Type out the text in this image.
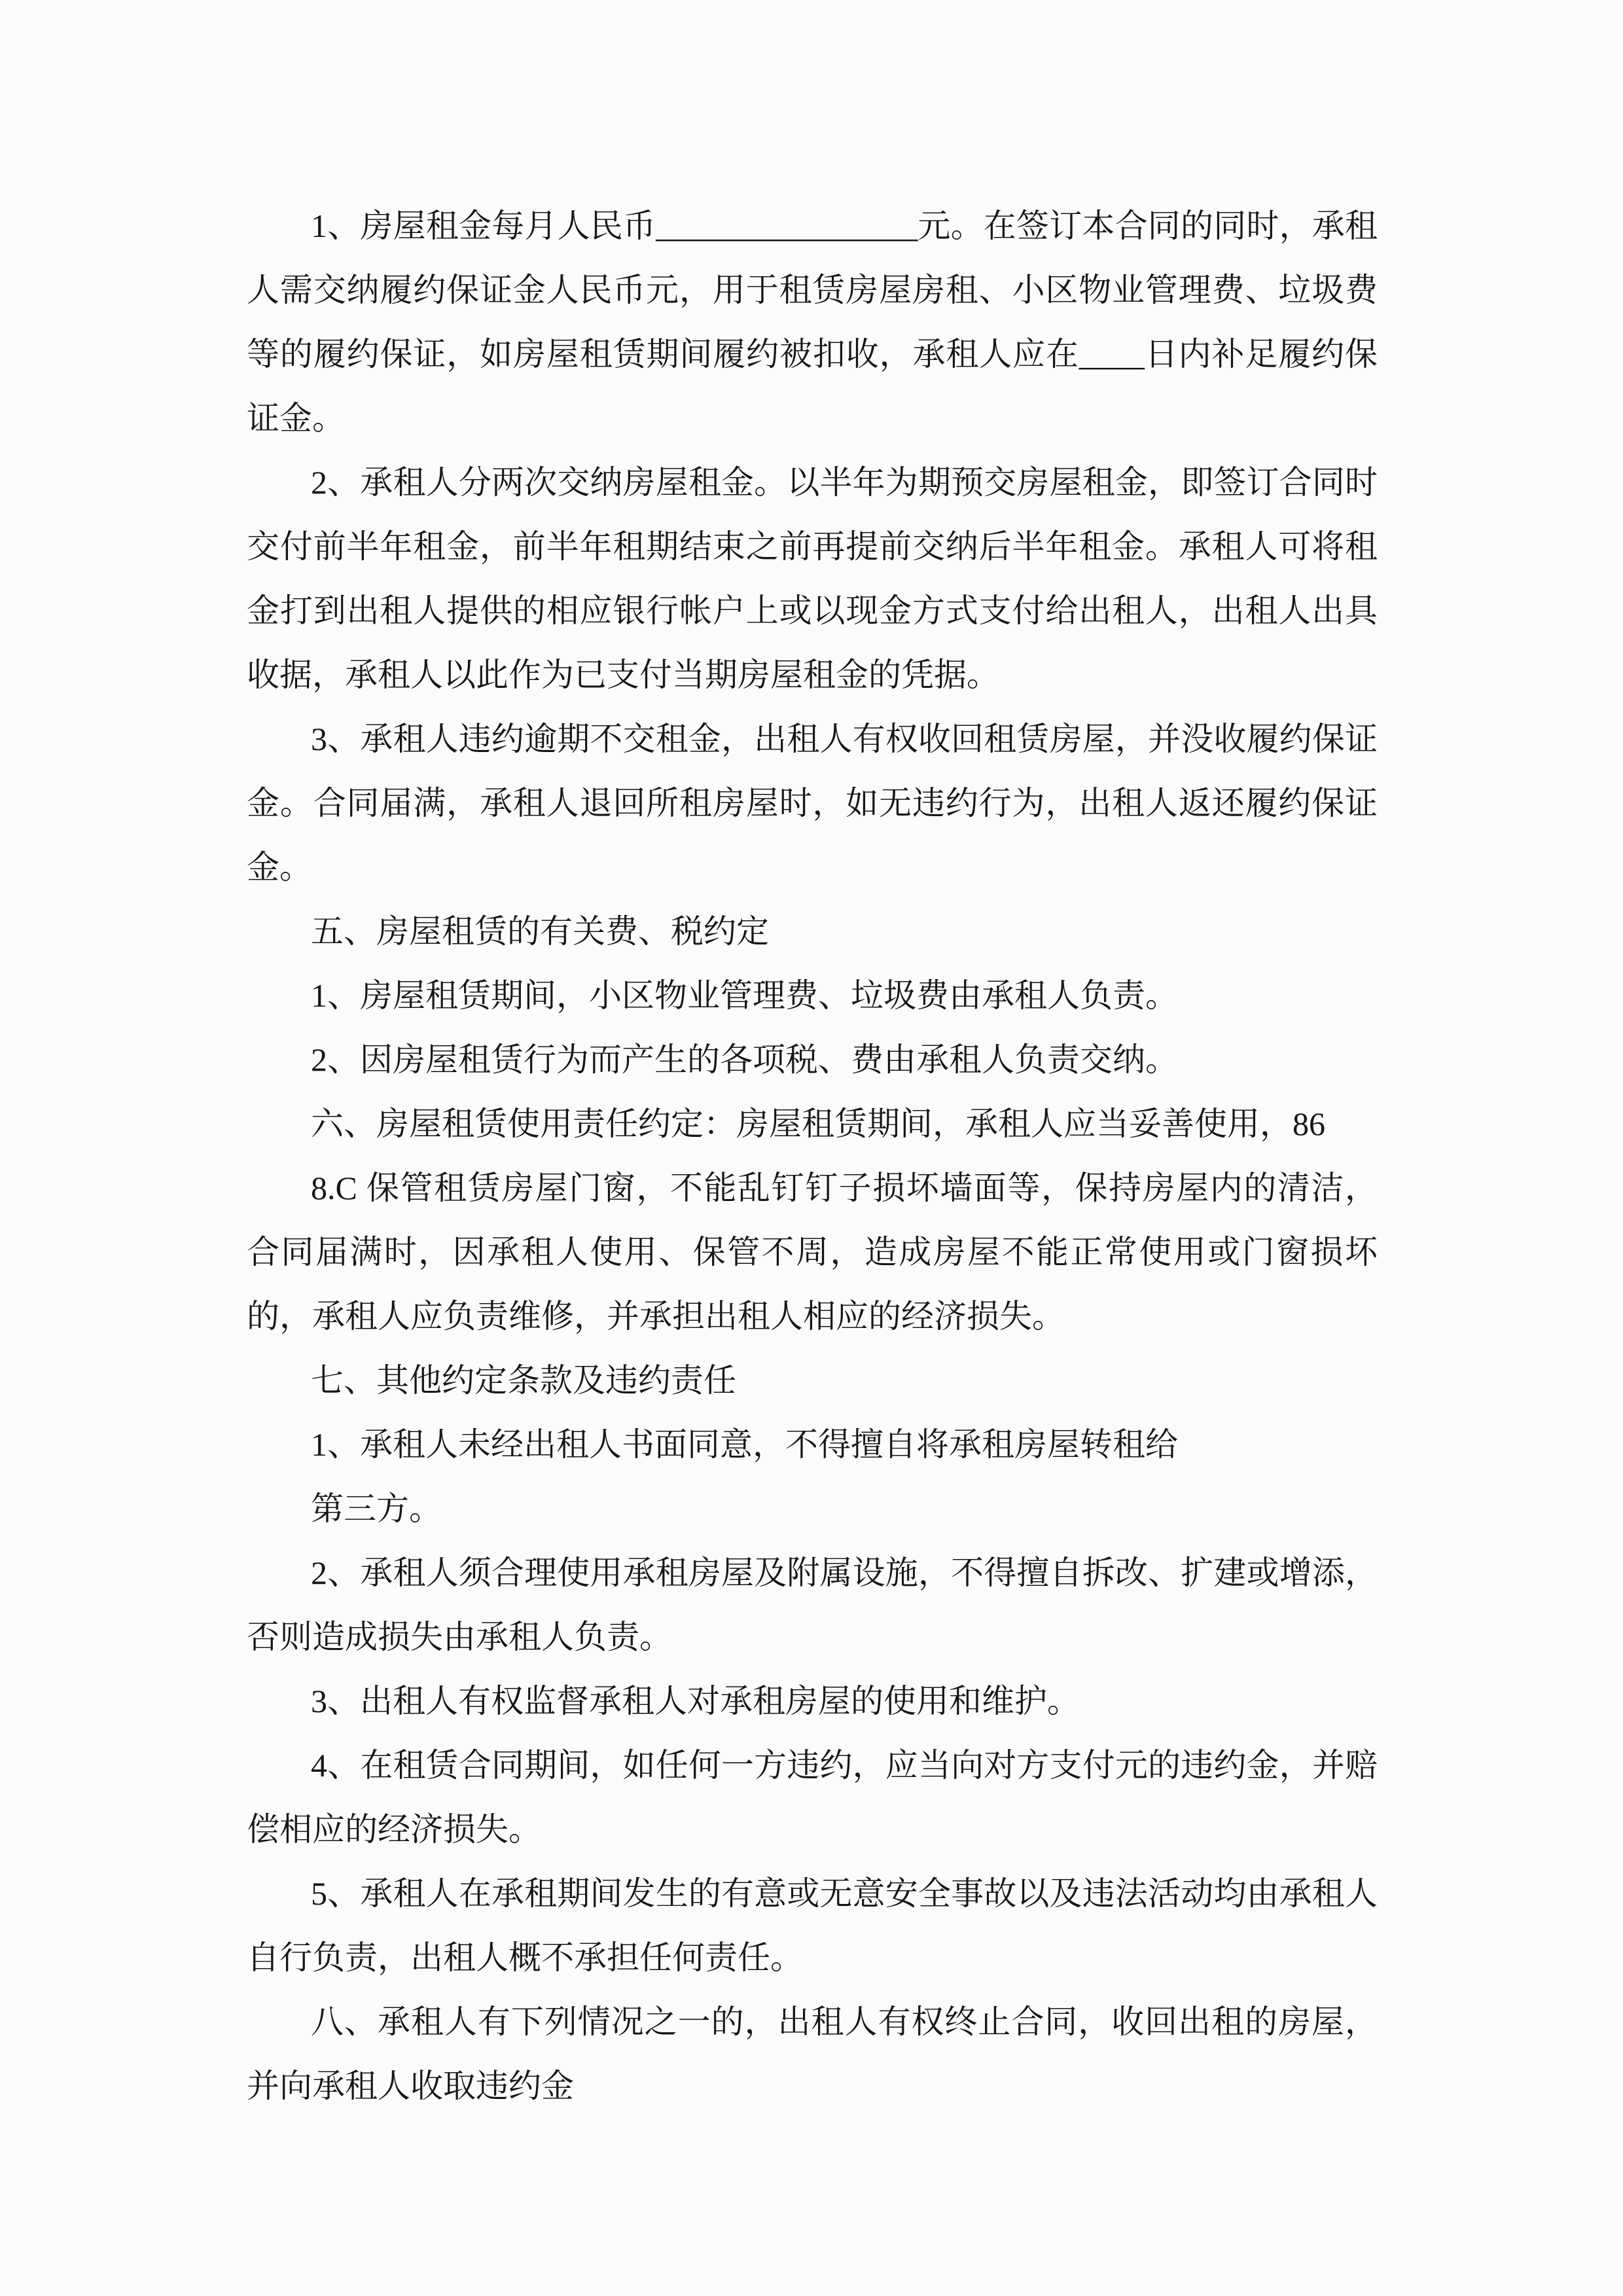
1、房屋租金每月人民币________________元。在签订本合同的同时，承租人需交纳履约保证金人民币元，用于租赁房屋房租、小区物业管理费、垃圾费等的履约保证，如房屋租赁期间履约被扣收，承租人应在____日内补足履约保证金。

2、承租人分两次交纳房屋租金。以半年为期预交房屋租金，即签订合同时交付前半年租金，前半年租期结束之前再提前交纳后半年租金。承租人可将租金打到出租人提供的相应银行帐户上或以现金方式支付给出租人，出租人出具收据，承租人以此作为已支付当期房屋租金的凭据。

3、承租人违约逾期不交租金，出租人有权收回租赁房屋，并没收履约保证金。合同届满，承租人退回所租房屋时，如无违约行为，出租人返还履约保证金。

五、房屋租赁的有关费、税约定

1、房屋租赁期间，小区物业管理费、垃圾费由承租人负责。

2、因房屋租赁行为而产生的各项税、费由承租人负责交纳。

六、房屋租赁使用责任约定：房屋租赁期间，承租人应当妥善使用，86

8.C 保管租赁房屋门窗，不能乱钉钉子损坏墙面等，保持房屋内的清洁，合同届满时，因承租人使用、保管不周，造成房屋不能正常使用或门窗损坏的，承租人应负责维修，并承担出租人相应的经济损失。

七、其他约定条款及违约责任

1、承租人未经出租人书面同意，不得擅自将承租房屋转租给

第三方。

2、承租人须合理使用承租房屋及附属设施，不得擅自拆改、扩建或增添，否则造成损失由承租人负责。

3、出租人有权监督承租人对承租房屋的使用和维护。

4、在租赁合同期间，如任何一方违约，应当向对方支付元的违约金，并赔偿相应的经济损失。

5、承租人在承租期间发生的有意或无意安全事故以及违法活动均由承租人自行负责，出租人概不承担任何责任。

八、承租人有下列情况之一的，出租人有权终止合同，收回出租的房屋，并向承租人收取违约金
